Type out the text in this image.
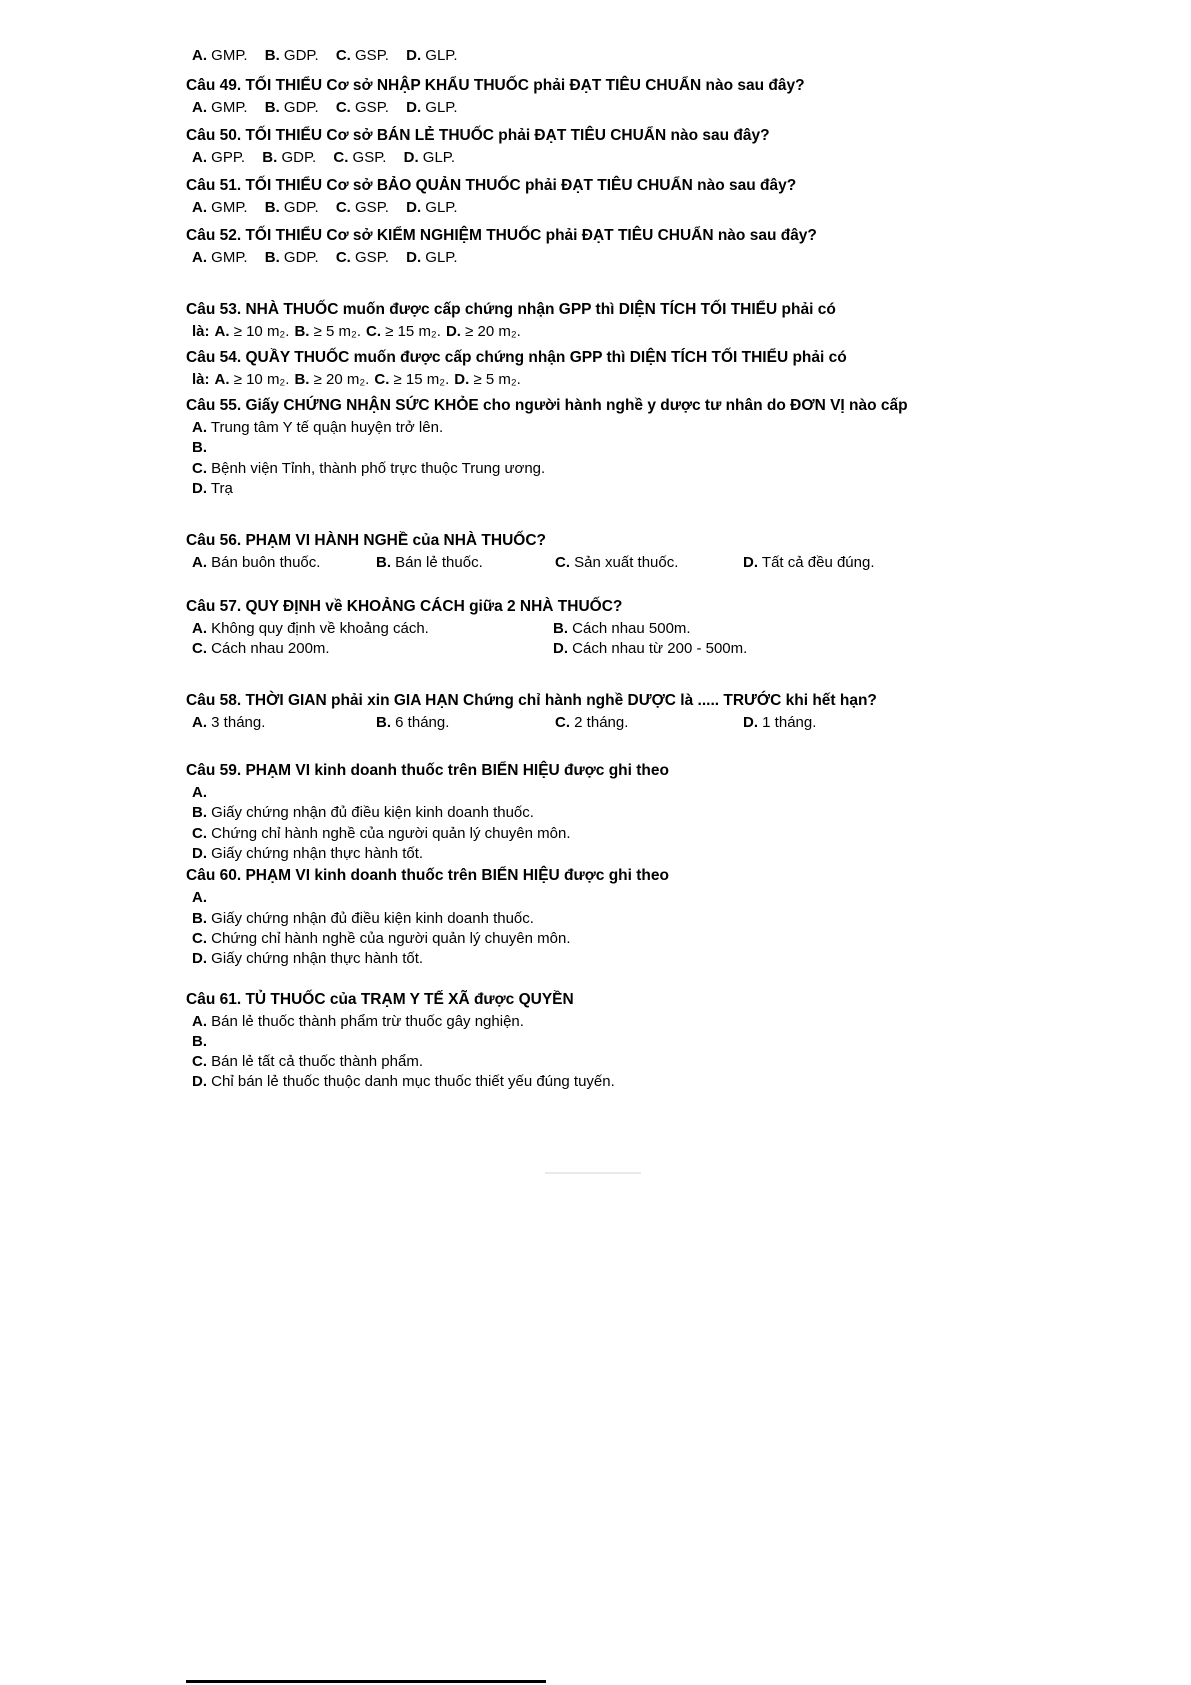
A. GMP. B. GDP. C. GSP. D. GLP.

Câu 49. TỐI THIỂU Cơ sở NHẬP KHẨU THUỐC phải ĐẠT TIÊU CHUẨN nào sau đây?

A. GMP. B. GDP. C. GSP. D. GLP.

Câu 50. TỐI THIỂU Cơ sở BÁN LẺ THUỐC phải ĐẠT TIÊU CHUẨN nào sau đây?

A. GPP. B. GDP. C. GSP. D. GLP.

Câu 51. TỐI THIỂU Cơ sở BẢO QUẢN THUỐC phải ĐẠT TIÊU CHUẨN nào sau đây?

A. GMP. B. GDP. C. GSP. D. GLP.

Câu 52. TỐI THIỂU Cơ sở KIỂM NGHIỆM THUỐC phải ĐẠT TIÊU CHUẨN nào sau đây?

A. GMP. B. GDP. C. GSP. D. GLP.

Câu 53. NHÀ THUỐC muốn được cấp chứng nhận GPP thì DIỆN TÍCH TỐI THIỂU phải có

là: A. ≥ 10 m₂. B. ≥ 5 m₂. C. ≥ 15 m₂. D. ≥ 20 m₂.

Câu 54. QUẦY THUỐC muốn được cấp chứng nhận GPP thì DIỆN TÍCH TỐI THIỂU phải có

là: A. ≥ 10 m₂. B. ≥ 20 m₂. C. ≥ 15 m₂. D. ≥ 5 m₂.

Câu 55. Giấy CHỨNG NHẬN SỨC KHỎE cho người hành nghề y dược tư nhân do ĐƠN VỊ nào cấp

A. Trung tâm Y tế quận huyện trở lên.

B.

C. Bệnh viện Tỉnh, thành phố trực thuộc Trung ương.

D. Trạ

Câu 56. PHẠM VI HÀNH NGHỀ của NHÀ THUỐC?

A. Bán buôn thuốc.	B. Bán lẻ thuốc.	C. Sản xuất thuốc.	D. Tất cả đều đúng.

Câu 57. QUY ĐỊNH về KHOẢNG CÁCH giữa 2 NHÀ THUỐC?

A. Không quy định về khoảng cách.	B. Cách nhau 500m.
C. Cách nhau 200m.	D. Cách nhau từ 200 - 500m.

Câu 58. THỜI GIAN phải xin GIA HẠN Chứng chỉ hành nghề DƯỢC là ..... TRƯỚC khi hết hạn?

A. 3 tháng.	B. 6 tháng.	C. 2 tháng.	D. 1 tháng.

Câu 59. PHẠM VI kinh doanh thuốc trên BIỂN HIỆU được ghi theo

A.

B. Giấy chứng nhận đủ điều kiện kinh doanh thuốc.

C. Chứng chỉ hành nghề của người quản lý chuyên môn.

D. Giấy chứng nhận thực hành tốt.

Câu 60. PHẠM VI kinh doanh thuốc trên BIỂN HIỆU được ghi theo

A.

B. Giấy chứng nhận đủ điều kiện kinh doanh thuốc.

C. Chứng chỉ hành nghề của người quản lý chuyên môn.

D. Giấy chứng nhận thực hành tốt.

Câu 61. TỦ THUỐC của TRẠM Y TẾ XÃ được QUYỀN

A. Bán lẻ thuốc thành phẩm trừ thuốc gây nghiện.

B.

C. Bán lẻ tất cả thuốc thành phẩm.

D. Chỉ bán lẻ thuốc thuộc danh mục thuốc thiết yếu đúng tuyến.
